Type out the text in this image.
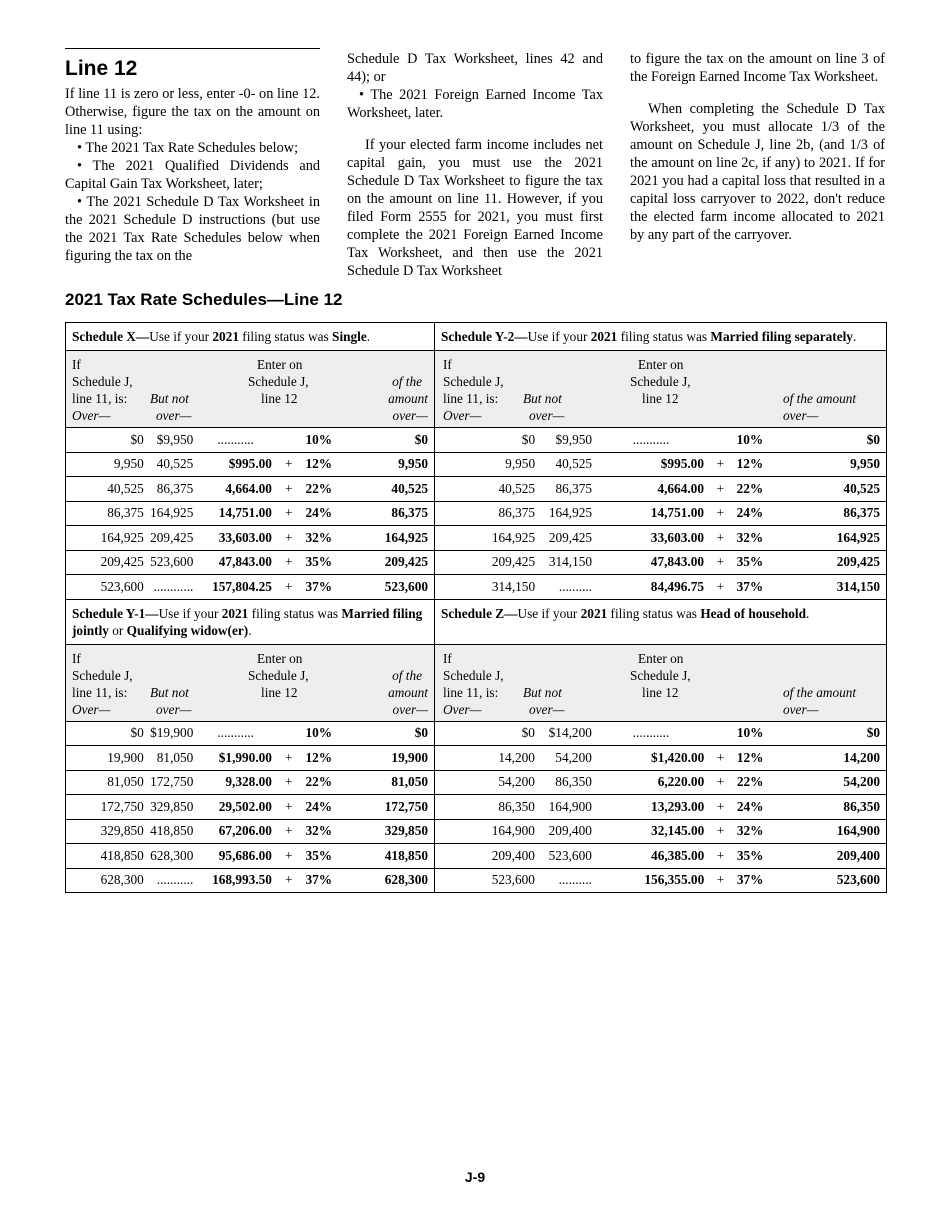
Line 12

If line 11 is zero or less, enter -0- on line 12. Otherwise, figure the tax on the amount on line 11 using:

• The 2021 Tax Rate Schedules below;

• The 2021 Qualified Dividends and Capital Gain Tax Worksheet, later;

• The 2021 Schedule D Tax Worksheet in the 2021 Schedule D instructions (but use the 2021 Tax Rate Schedules below when figuring the tax on the

Schedule D Tax Worksheet, lines 42 and 44); or

• The 2021 Foreign Earned Income Tax Worksheet, later.

If your elected farm income includes net capital gain, you must use the 2021 Schedule D Tax Worksheet to figure the tax on the amount on line 11. However, if you filed Form 2555 for 2021, you must first complete the 2021 Foreign Earned Income Tax Worksheet, and then use the 2021 Schedule D Tax Worksheet

to figure the tax on the amount on line 3 of the Foreign Earned Income Tax Worksheet.

When completing the Schedule D Tax Worksheet, you must allocate 1/3 of the amount on Schedule J, line 2b, (and 1/3 of the amount on line 2c, if any) to 2021. If for 2021 you had a capital loss that resulted in a capital loss carryover to 2022, don't reduce the elected farm income allocated to 2021 by any part of the carryover.

2021 Tax Rate Schedules—Line 12
Schedule X—Use if your 2021 filing status was Single.
If
Schedule J,
line 11, is:
Over—
But not
over—
Enter on
Schedule J,
line 12
of the
amount
over—
$0	$9,950	...........		10%	$0
9,950	40,525	$995.00	+	12%	9,950
40,525	86,375	4,664.00	+	22%	40,525
86,375	164,925	14,751.00	+	24%	86,375
164,925	209,425	33,603.00	+	32%	164,925
209,425	523,600	47,843.00	+	35%	209,425
523,600	............	157,804.25	+	37%	523,600
Schedule Y-2—Use if your 2021 filing status was Married filing separately.
If
Schedule J,
line 11, is:
Over—
But not
over—
Enter on
Schedule J,
line 12	of the amount
over—
$0	$9,950	...........		10%	$0
9,950	40,525	$995.00	+	12%	9,950
40,525	86,375	4,664.00	+	22%	40,525
86,375	164,925	14,751.00	+	24%	86,375
164,925	209,425	33,603.00	+	32%	164,925
209,425	314,150	47,843.00	+	35%	209,425
314,150	..........	84,496.75	+	37%	314,150
Schedule Y-1—Use if your 2021 filing status was Married filing jointly or Qualifying widow(er).
If
Schedule J,
line 11, is:
Over—
But not
over—
Enter on
Schedule J,
line 12
of the
amount
over—
$0	$19,900	...........		10%	$0
19,900	81,050	$1,990.00	+	12%	19,900
81,050	172,750	9,328.00	+	22%	81,050
172,750	329,850	29,502.00	+	24%	172,750
329,850	418,850	67,206.00	+	32%	329,850
418,850	628,300	95,686.00	+	35%	418,850
628,300	...........	168,993.50	+	37%	628,300
Schedule Z—Use if your 2021 filing status was Head of household.
If
Schedule J,
line 11, is:
Over—
But not
over—
Enter on
Schedule J,
line 12	of the amount
over—
$0	$14,200	...........		10%	$0
14,200	54,200	$1,420.00	+	12%	14,200
54,200	86,350	6,220.00	+	22%	54,200
86,350	164,900	13,293.00	+	24%	86,350
164,900	209,400	32,145.00	+	32%	164,900
209,400	523,600	46,385.00	+	35%	209,400
523,600	..........	156,355.00	+	37%	523,600
J-9
